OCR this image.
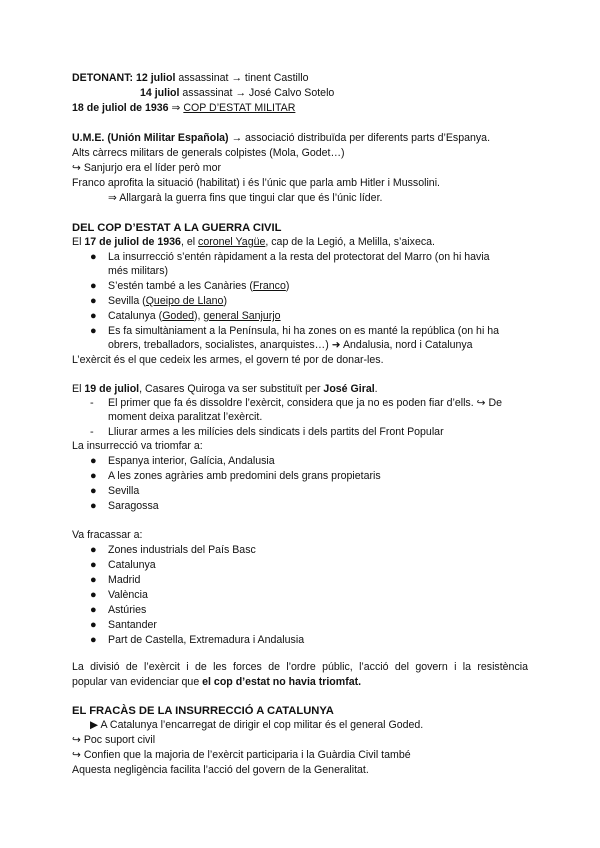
DETONANT: 12 juliol assassinat → tinent Castillo
14 juliol assassinat → José Calvo Sotelo
18 de juliol de 1936 ⇒ COP D’ESTAT MILITAR
U.M.E. (Unión Militar Española) → associació distribuïda per diferents parts d’Espanya.
Alts càrrecs militars de generals colpistes (Mola, Godet…)
↪ Sanjurjo era el líder però mor
Franco aprofita la situació (habilitat) i és l’únic que parla amb Hitler i Mussolini.
⇒ Allargarà la guerra fins que tingui clar que és l’únic líder.
DEL COP D’ESTAT A LA GUERRA CIVIL
El 17 de juliol de 1936, el coronel Yagüe, cap de la Legió, a Melilla, s’aixeca.
● La insurrecció s’entén ràpidament a la resta del protectorat del Marro (on hi havia
més militars)
● S’estén també a les Canàries (Franco)
● Sevilla (Queipo de Llano)
● Catalunya (Goded), general Sanjurjo
● Es fa simultàniament a la Península, hi ha zones on es manté la república (on hi ha
obrers, treballadors, socialistes, anarquistes…) ➜ Andalusia, nord i Catalunya
L’exèrcit és el que cedeix les armes, el govern té por de donar-les.
El 19 de juliol, Casares Quiroga va ser substituït per José Giral.
- El primer que fa és dissoldre l’exèrcit, considera que ja no es poden fiar d’ells. ↪ De
moment deixa paralitzat l’exèrcit.
- Lliurar armes a les milícies dels sindicats i dels partits del Front Popular
La insurrecció va triomfar a:
● Espanya interior, Galícia, Andalusia
● A les zones agràries amb predomini dels grans propietaris
● Sevilla
● Saragossa
Va fracassar a:
● Zones industrials del País Basc
● Catalunya
● Madrid
● València
● Astúries
● Santander
● Part de Castella, Extremadura i Andalusia
La divisió de l’exèrcit i de les forces de l’ordre públic, l’acció del govern i la resistència
popular van evidenciar que el cop d’estat no havia triomfat.
EL FRACÀS DE LA INSURRECCIÓ A CATALUNYA
▶ A Catalunya l’encarregat de dirigir el cop militar és el general Goded.
↪ Poc suport civil
↪ Confien que la majoria de l’exèrcit participaria i la Guàrdia Civil també
Aquesta negligència facilita l’acció del govern de la Generalitat.
